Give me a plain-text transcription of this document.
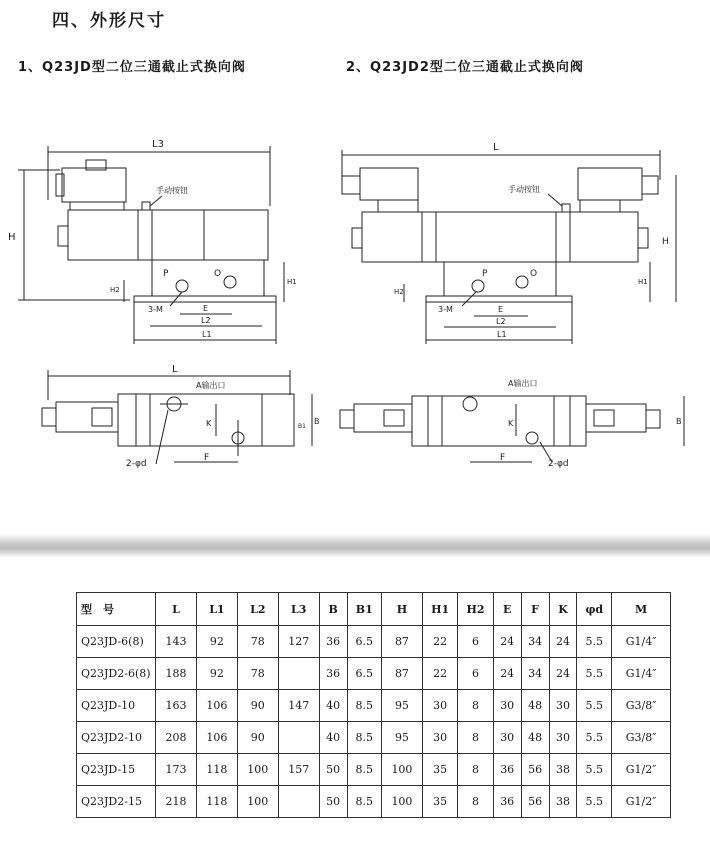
四、外形尺寸
1、Q23JD型二位三通截止式换向阀	2、Q23JD2型二位三通截止式换向阀
L3
H
手动按钮
P	O
H1
H2
3-M	E
L2
L1
L
手动按钮
P	O
H
H1
H2
3-M	E
L2
L1
L
A输出口
K	B
B1
F
2-φd
A输出口
K	B
F
2-φd
型　号	L	L1	L2	L3	B	B1	H	H1	H2	E	F	K	φd	M
Q23JD-6(8)	143	92	78	127	36	6.5	87	22	6	24	34	24	5.5	G1/4″
Q23JD2-6(8)	188	92	78		36	6.5	87	22	6	24	34	24	5.5	G1/4″
Q23JD-10	163	106	90	147	40	8.5	95	30	8	30	48	30	5.5	G3/8″
Q23JD2-10	208	106	90		40	8.5	95	30	8	30	48	30	5.5	G3/8″
Q23JD-15	173	118	100	157	50	8.5	100	35	8	36	56	38	5.5	G1/2″
Q23JD2-15	218	118	100		50	8.5	100	35	8	36	56	38	5.5	G1/2″
